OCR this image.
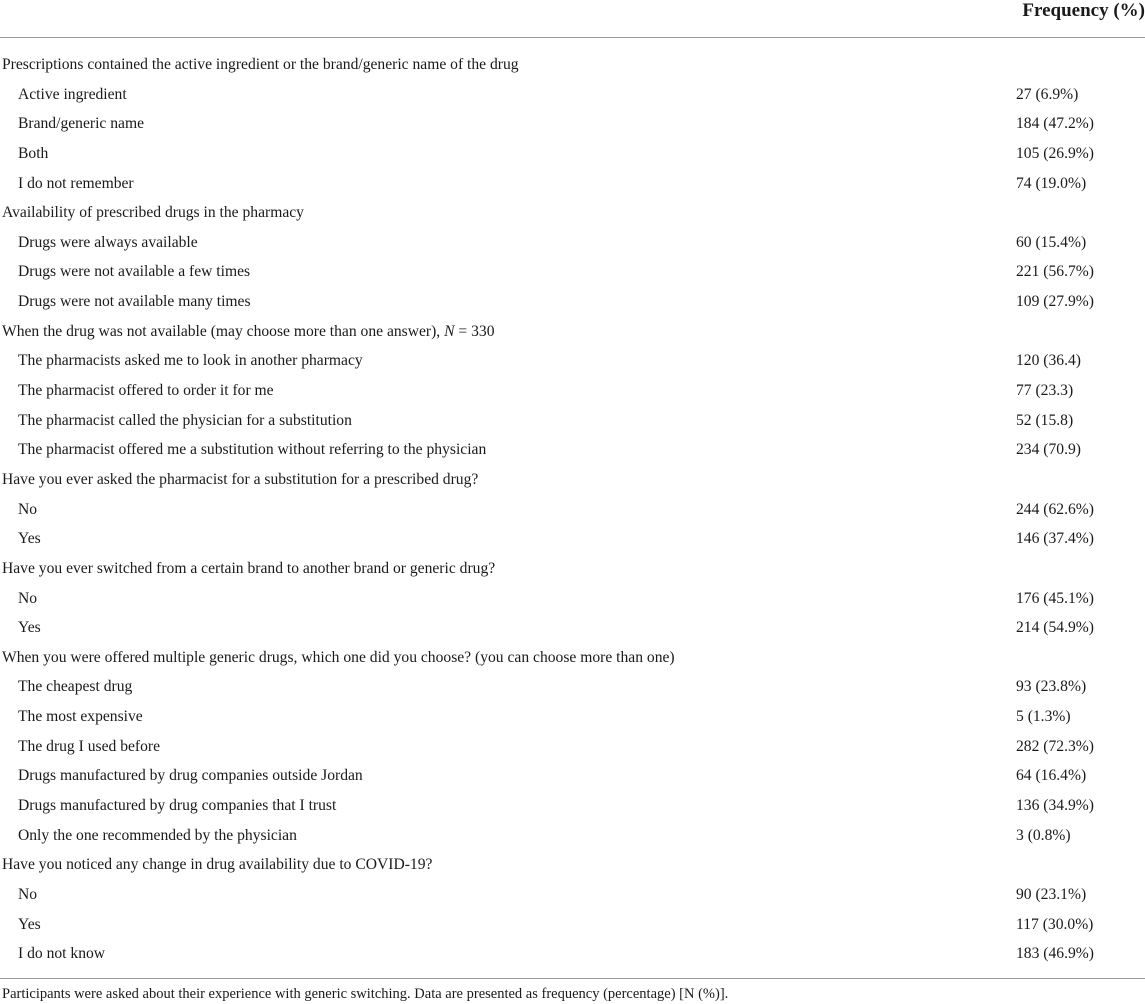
Frequency (%)
Prescriptions contained the active ingredient or the brand/generic name of the drug
Active ingredient	27 (6.9%)
Brand/generic name	184 (47.2%)
Both	105 (26.9%)
I do not remember	74 (19.0%)
Availability of prescribed drugs in the pharmacy
Drugs were always available	60 (15.4%)
Drugs were not available a few times	221 (56.7%)
Drugs were not available many times	109 (27.9%)
When the drug was not available (may choose more than one answer), N = 330
The pharmacists asked me to look in another pharmacy	120 (36.4)
The pharmacist offered to order it for me	77 (23.3)
The pharmacist called the physician for a substitution	52 (15.8)
The pharmacist offered me a substitution without referring to the physician	234 (70.9)
Have you ever asked the pharmacist for a substitution for a prescribed drug?
No	244 (62.6%)
Yes	146 (37.4%)
Have you ever switched from a certain brand to another brand or generic drug?
No	176 (45.1%)
Yes	214 (54.9%)
When you were offered multiple generic drugs, which one did you choose? (you can choose more than one)
The cheapest drug	93 (23.8%)
The most expensive	5 (1.3%)
The drug I used before	282 (72.3%)
Drugs manufactured by drug companies outside Jordan	64 (16.4%)
Drugs manufactured by drug companies that I trust	136 (34.9%)
Only the one recommended by the physician	3 (0.8%)
Have you noticed any change in drug availability due to COVID-19?
No	90 (23.1%)
Yes	117 (30.0%)
I do not know	183 (46.9%)
Participants were asked about their experience with generic switching. Data are presented as frequency (percentage) [N (%)].
